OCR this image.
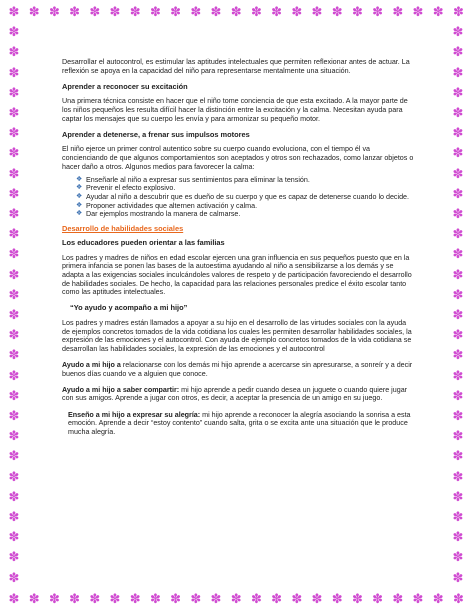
✽
✽
✽
✽
✽
✽
✽
✽
✽
✽
✽
✽
✽
✽
✽
✽
✽
✽
✽
✽
✽
✽
✽
✽
✽
✽
✽
✽
✽
✽
✽
✽
✽
✽
✽
✽
✽
✽
✽
✽
✽
✽
✽
✽
✽
✽
✽	✽
✽	✽
✽	✽
✽	✽
✽	✽
✽	✽
✽	✽
✽	✽
✽	✽
✽	✽
✽	✽
✽	✽
✽	✽
✽	✽
✽	✽
✽	✽
✽	✽
✽	✽
✽	✽
✽	✽
✽	✽
✽	✽
✽	✽
✽	✽
✽	✽
✽	✽
✽	✽
✽	✽

Desarrollar el autocontrol, es estimular las aptitudes intelectuales que permiten reflexionar antes de actuar. La reflexión se apoya en la capacidad del niño para representarse mentalmente una situación.

Aprender a reconocer su excitación

Una primera técnica consiste en hacer que el niño tome conciencia de que esta excitado. A la mayor parte de los niños pequeños les resulta difícil hacer la distinción entre la excitación y la calma. Necesitan ayuda para captar los mensajes que su cuerpo les envía y para armonizar su pequeño motor.

Aprender a detenerse, a frenar sus impulsos motores

El niño ejerce un primer control autentico sobre su cuerpo cuando evoluciona, con el tiempo él va concienciando de que algunos comportamientos son aceptados y otros son rechazados, como lanzar objetos o hacer daño a otros. Algunos medios para favorecer la calma:

❖ Enseñarle al niño a expresar sus sentimientos para eliminar la tensión.
❖ Prevenir el efecto explosivo.
❖ Ayudar al niño a descubrir que es dueño de su cuerpo y que es capaz de detenerse cuando lo decide.
❖ Proponer actividades que alternen activación y calma.
❖ Dar ejemplos mostrando la manera de calmarse.

Desarrollo de habilidades sociales

Los educadores pueden orientar a las familias

Los padres y madres de niños en edad escolar ejercen una gran influencia en sus pequeños puesto que en la primera infancia se ponen las bases de la autoestima ayudando al niño a sensibilizarse a los demás y se adapta a las exigencias sociales inculcándoles valores de respeto y de participación favoreciendo el desarrollo de habilidades sociales. De hecho, la capacidad para las relaciones personales predice el éxito escolar tanto como las aptitudes intelectuales.

“Yo ayudo y acompaño a mi hijo”

Los padres y madres están llamados a apoyar a su hijo en el desarrollo de las virtudes sociales con la ayuda de ejemplos concretos tomados de la vida cotidiana los cuales les permiten desarrollar habilidades sociales, la expresión de las emociones y el autocontrol. Con ayuda de ejemplo concretos tomados de la vida cotidiana se desarrollan las habilidades sociales, la expresión de las emociones y el autocontrol

Ayudo a mi hijo a relacionarse con los demás mi hijo aprende a acercarse sin apresurarse, a sonreír y a decir buenos días cuando ve a alguien que conoce.

Ayudo a mi hijo a saber compartir: mi hijo aprende a pedir cuando desea un juguete o cuando quiere jugar con sus amigos. Aprende a jugar con otros, es decir, a aceptar la presencia de un amigo en su juego.

Enseño a mi hijo a expresar su alegría: mi hijo aprende a reconocer la alegría asociando la sonrisa a esta emoción. Aprende a decir “estoy contento” cuando salta, grita o se excita ante una situación que le produce mucha alegría.
